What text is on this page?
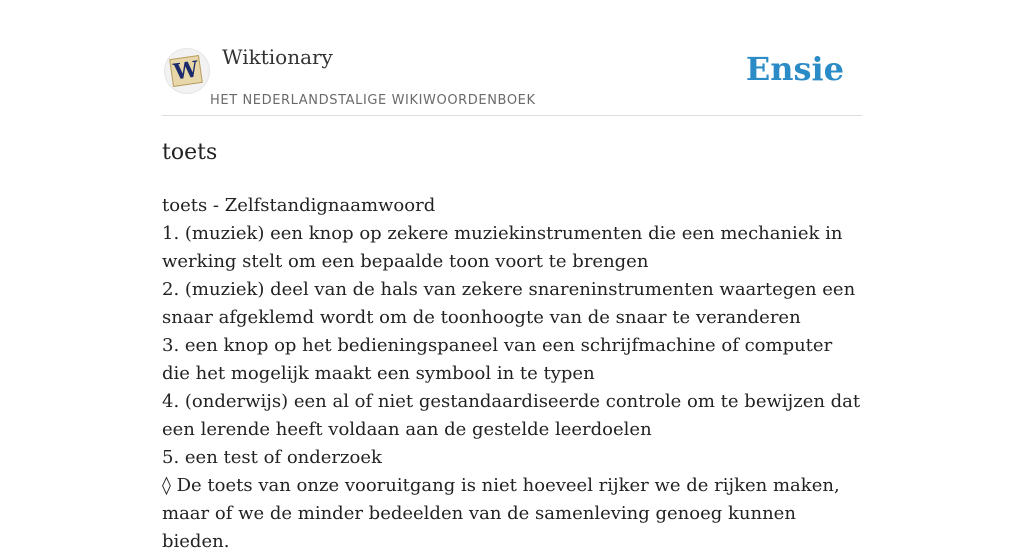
W Wiktionary
HET NEDERLANDSTALIGE WIKIWOORDENBOEK
Ensie
toets
toets - Zelfstandignaamwoord
1. (muziek) een knop op zekere muziekinstrumenten die een mechaniek in werking stelt om een bepaalde toon voort te brengen
2. (muziek) deel van de hals van zekere snareninstrumenten waartegen een snaar afgeklemd wordt om de toonhoogte van de snaar te veranderen
3. een knop op het bedieningspaneel van een schrijfmachine of computer die het mogelijk maakt een symbool in te typen
4. (onderwijs) een al of niet gestandaardiseerde controle om te bewijzen dat een lerende heeft voldaan aan de gestelde leerdoelen
5. een test of onderzoek
◊ De toets van onze vooruitgang is niet hoeveel rijker we de rijken maken, maar of we de minder bedeelden van de samenleving genoeg kunnen bieden.
